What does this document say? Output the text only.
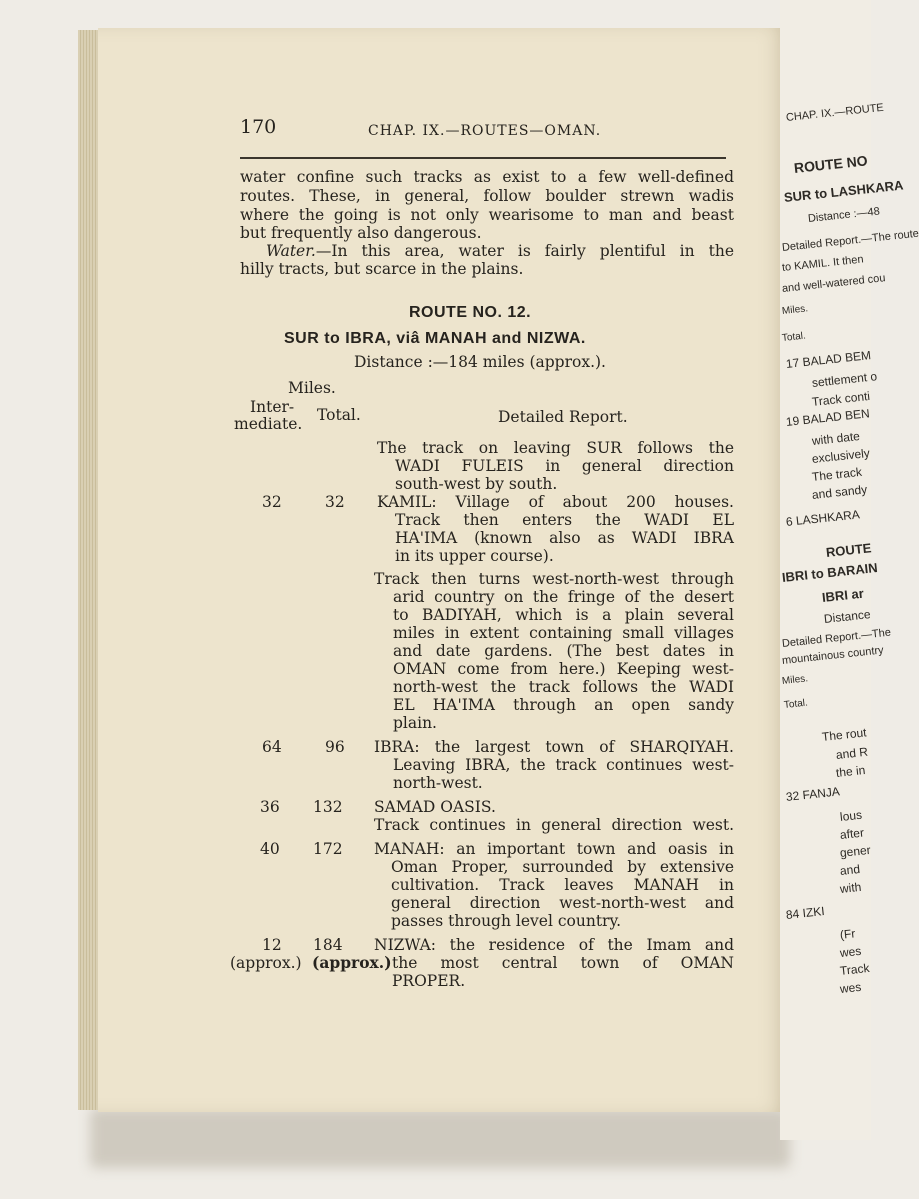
170	CHAP. IX.—ROUTES—OMAN.
water confine such tracks as exist to a few well-defined
routes. These, in general, follow boulder strewn wadis
where the going is not only wearisome to man and beast
but frequently also dangerous.
Water. —In this area, water is fairly plentiful in the
hilly tracts, but scarce in the plains.
ROUTE NO. 12.
SUR to IBRA, viâ MANAH and NIZWA.
Distance :—184 miles (approx.).
Miles.
Inter-
mediate. Total.	Detailed Report.
The track on leaving SUR follows the
WADI FULEIS in general direction
south-west by south.
32	32 KAMIL: Village of about 200 houses.
Track then enters the WADI EL
HA'IMA (known also as WADI IBRA
in its upper course).
Track then turns west-north-west through
arid country on the fringe of the desert
to BADIYAH, which is a plain several
miles in extent containing small villages
and date gardens. (The best dates in
OMAN come from here.) Keeping west-
north-west the track follows the WADI
EL HA'IMA through an open sandy
plain.
64	96 IBRA: the largest town of SHARQIYAH.
Leaving IBRA, the track continues west-
north-west.
36 132 SAMAD OASIS.
Track continues in general direction west.
40 172 MANAH: an important town and oasis in
Oman Proper, surrounded by extensive
cultivation. Track leaves MANAH in
general direction west-north-west and
passes through level country.
12 184 NIZWA: the residence of the Imam and
(approx.) (approx.) the most central town of OMAN
PROPER.
CHAP. IX.—ROUTE
ROUTE NO
SUR to LASHKARA
Distance :—48
Detailed Report.—The route
to KAMIL. It then
and well-watered cou
Miles.
Total.
17 BALAD BEM
settlement o
Track conti
19 BALAD BEN
with date
exclusively
The track
and sandy
6 LASHKARA
ROUTE
IBRI to BARAIN
IBRI ar
Distance
Detailed Report.—The
mountainous country
Miles.
Total.
The rout
and R
the in
32 FANJA
lous
after
gener
and
with
84 IZKI
(Fr
wes
Track
wes
